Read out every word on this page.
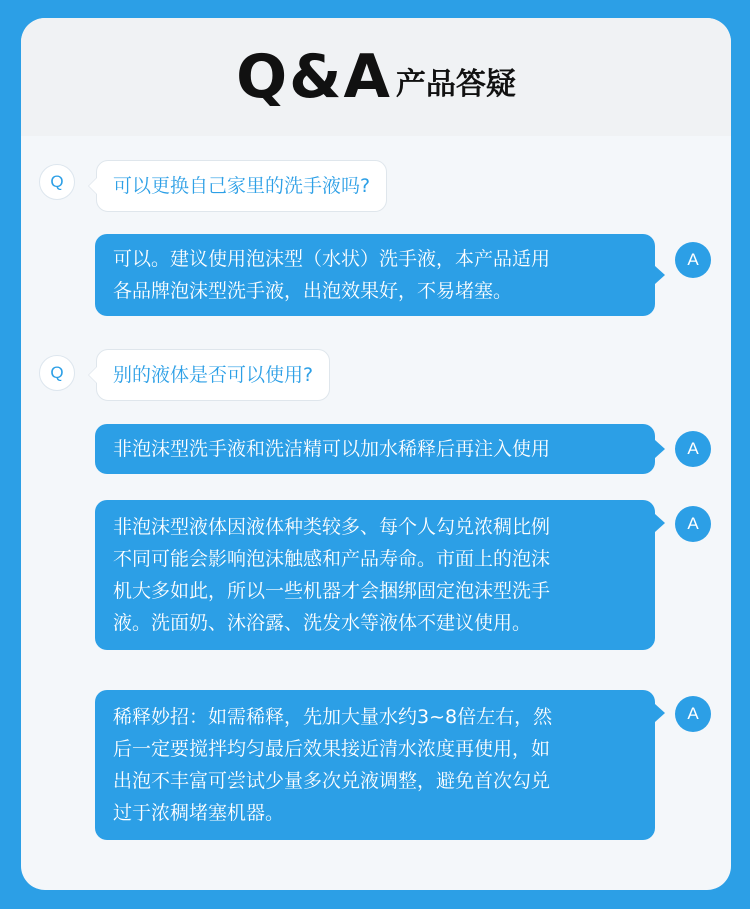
Q&A 产品答疑
Q	可以更换自己家里的洗手液吗?
可以。建议使用泡沫型（水状）洗手液，本产品适用
各品牌泡沫型洗手液，出泡效果好，不易堵塞。
A
Q	别的液体是否可以使用?
非泡沫型洗手液和洗洁精可以加水稀释后再注入使用	A
非泡沫型液体因液体种类较多、每个人勾兑浓稠比例
不同可能会影响泡沫触感和产品寿命。市面上的泡沫
机大多如此，所以一些机器才会捆绑固定泡沫型洗手
液。洗面奶、沐浴露、洗发水等液体不建议使用。
A
稀释妙招：如需稀释，先加大量水约3~8倍左右，然
后一定要搅拌均匀最后效果接近清水浓度再使用，如
出泡不丰富可尝试少量多次兑液调整，避免首次勾兑
过于浓稠堵塞机器。
A
